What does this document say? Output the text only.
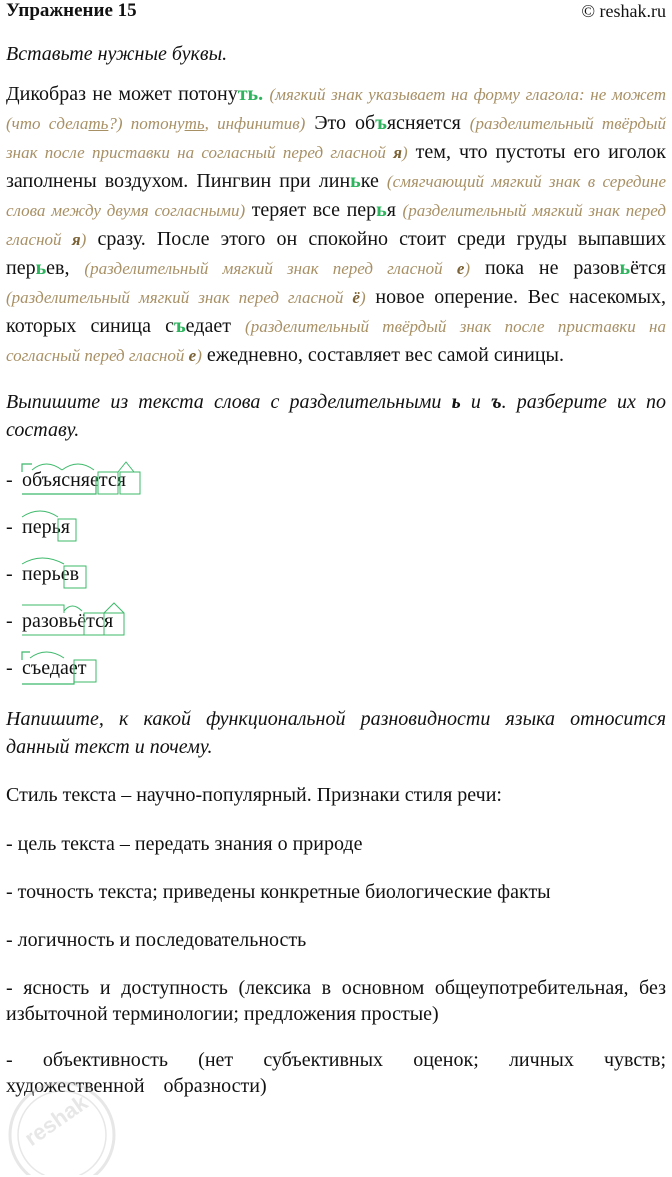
Упражнение 15	© reshak.ru

Вставьте нужные буквы.

Дикобраз не может потонуть. (мягкий знак указывает на форму глагола: не может (что сделать?) потонуть, инфинитив) Это объясняется (разделительный твёрдый знак после приставки на согласный перед гласной я) тем, что пустоты его иголок заполнены воздухом. Пингвин при линьке (смягчающий мягкий знак в середине слова между двумя согласными) теряет все перья (разделительный мягкий знак перед гласной я) сразу. После этого он спокойно стоит среди груды выпавших перьев, (разделительный мягкий знак перед гласной е) пока не разовьётся (разделительный мягкий знак перед гласной ё) новое оперение. Вес насекомых, которых синица съедает (разделительный твёрдый знак после приставки на согласный перед гласной е) ежедневно, составляет вес самой синицы.

Выпишите из текста слова с разделительными ь и ъ. разберите их по составу.

- объясняется
- перья
- перьев
- разовьётся
- съедает

Напишите, к какой функциональной разновидности языка относится данный текст и почему.

Стиль текста – научно-популярный. Признаки стиля речи:

- цель текста – передать знания о природе

- точность текста; приведены конкретные биологические факты

- логичность и последовательность

- ясность и доступность (лексика в основном общеупотребительная, без избыточной терминологии; предложения простые)

- объективность (нет субъективных оценок; личных чувств; художественной образности)

reshak
